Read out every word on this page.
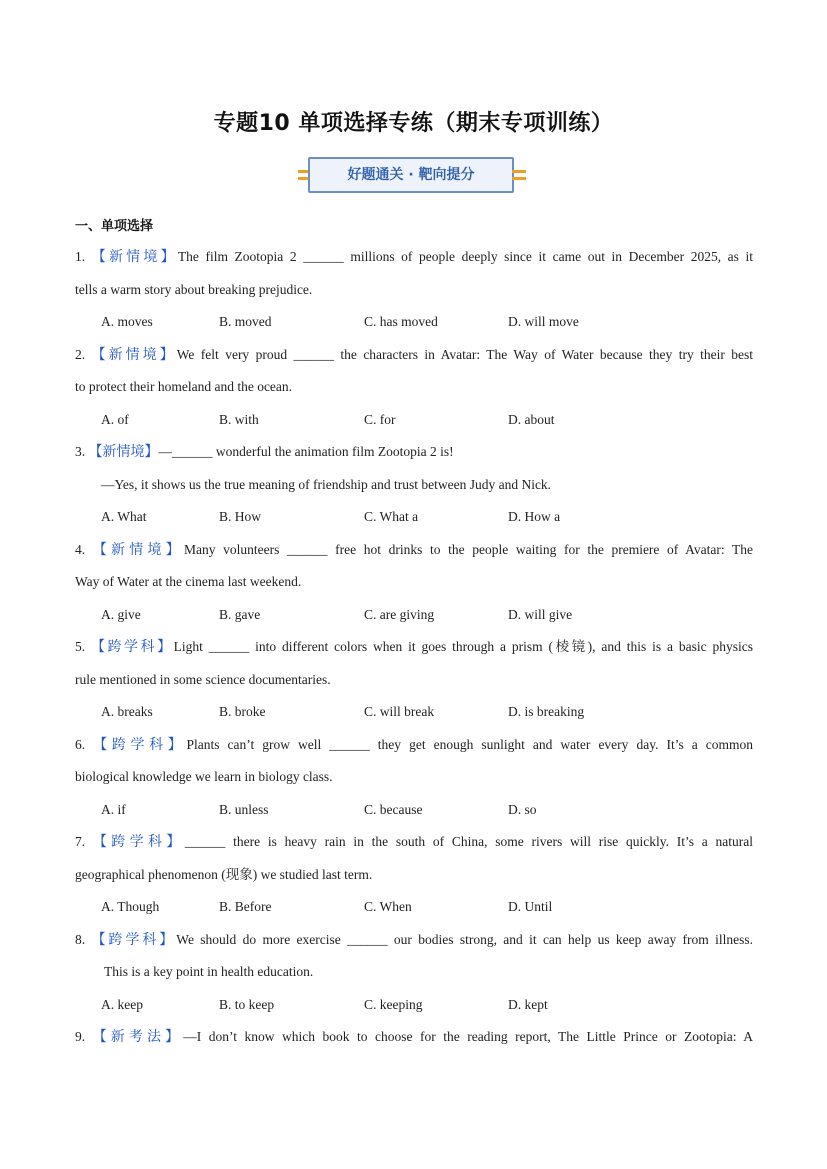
专题10 单项选择专练（期末专项训练）
好题通关 · 靶向提分
一、单项选择
1. 【新情境】The film Zootopia 2 ______ millions of people deeply since it came out in December 2025, as it
tells a warm story about breaking prejudice.
A. moves	B. moved	C. has moved	D. will move
2. 【新情境】We felt very proud ______ the characters in Avatar: The Way of Water because they try their best
to protect their homeland and the ocean.
A. of	B. with	C. for	D. about
3. 【新情境】—______ wonderful the animation film Zootopia 2 is!
—Yes, it shows us the true meaning of friendship and trust between Judy and Nick.
A. What	B. How	C. What a	D. How a
4. 【新情境】Many volunteers ______ free hot drinks to the people waiting for the premiere of Avatar: The
Way of Water at the cinema last weekend.
A. give	B. gave	C. are giving	D. will give
5. 【跨学科】Light ______ into different colors when it goes through a prism (棱镜), and this is a basic physics
rule mentioned in some science documentaries.
A. breaks	B. broke	C. will break	D. is breaking
6. 【跨学科】Plants can’t grow well ______ they get enough sunlight and water every day. It’s a common
biological knowledge we learn in biology class.
A. if	B. unless	C. because	D. so
7. 【跨学科】______ there is heavy rain in the south of China, some rivers will rise quickly. It’s a natural
geographical phenomenon (现象) we studied last term.
A. Though	B. Before	C. When	D. Until
8. 【跨学科】We should do more exercise ______ our bodies strong, and it can help us keep away from illness.
This is a key point in health education.
A. keep	B. to keep	C. keeping	D. kept
9. 【新考法】—I don’t know which book to choose for the reading report, The Little Prince or Zootopia: A
